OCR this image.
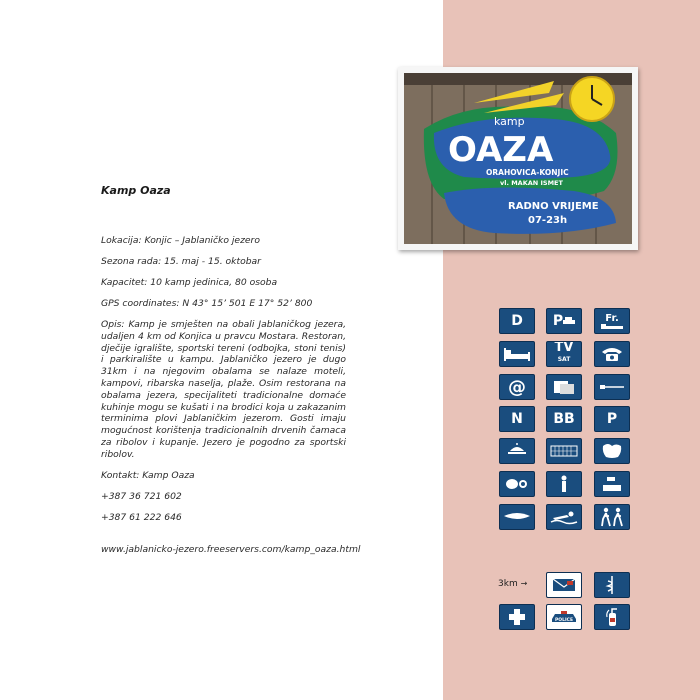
kamp
OAZA
ORAHOVICA-KONJIC
vl. MAKAN ISMET
RADNO VRIJEME
07-23h
Kamp Oaza

Lokacija: Konjic – Jablaničko jezero

Sezona rada: 15. maj - 15. oktobar

Kapacitet: 10 kamp jedinica, 80 osoba

GPS coordinates: N 43° 15’ 501 E 17° 52’ 800

Opis: Kamp je smješten na obali Jablaničkog jezera, udaljen 4 km od Konjica u pravcu Mostara. Restoran, dječije igralište, sportski tereni (odbojka, stoni tenis) i parkiralište u kampu. Jablaničko jezero je dugo 31km i na njegovim obalama se nalaze moteli, kampovi, ribarska naselja, plaže. Osim restorana na obalama jezera, specijaliteti tradicionalne domaće kuhinje mogu se kušati i na brodici koja u zakazanim terminima plovi Jablaničkim jezerom. Gosti imaju mogućnost korištenja tradicionalnih drvenih čamaca za ribolov i kupanje. Jezero je pogodno za sportski ribolov.

Kontakt: Kamp Oaza

+387 36 721 602

+387 61 222 646

www.jablanicko-jezero.freeservers.com/kamp_oaza.html

D P	Fr.
TV
SAT
@
N BB P
3km →
POLICE
